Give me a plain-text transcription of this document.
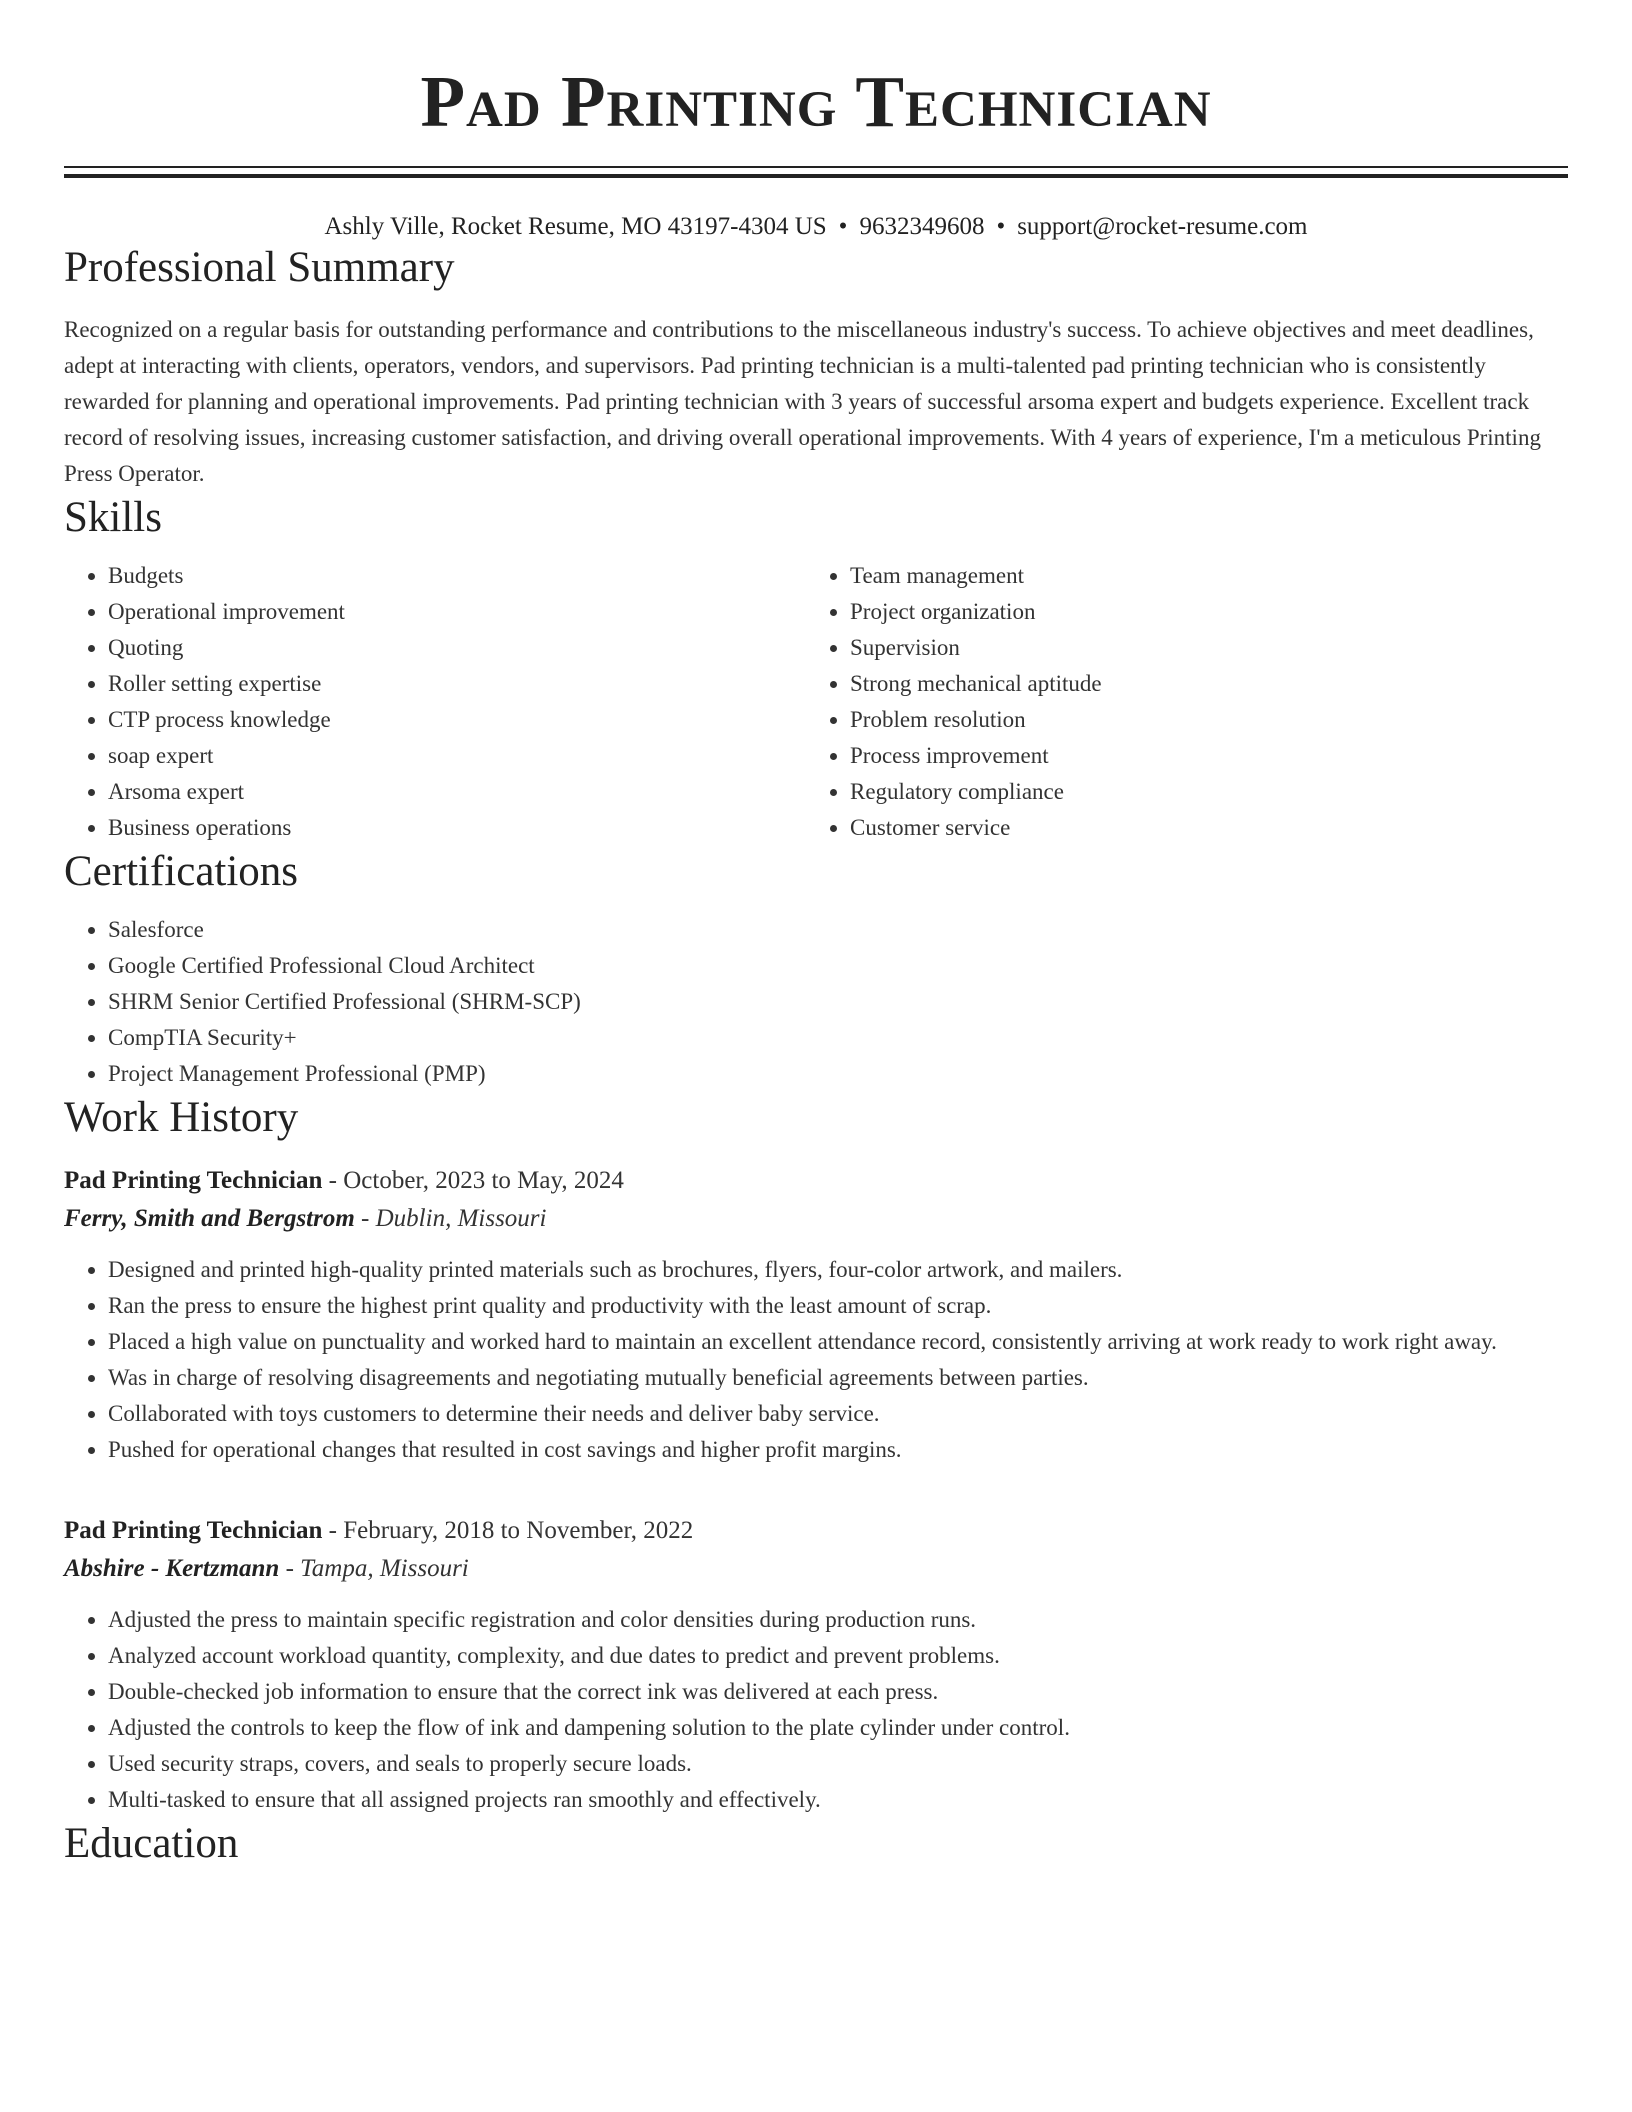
Pad Printing Technician
Ashly Ville, Rocket Resume, MO 43197-4304 US • 9632349608 • support@rocket-resume.com
Professional Summary

Recognized on a regular basis for outstanding performance and contributions to the miscellaneous industry's success. To achieve objectives and meet deadlines, adept at interacting with clients, operators, vendors, and supervisors. Pad printing technician is a multi-talented pad printing technician who is consistently rewarded for planning and operational improvements. Pad printing technician with 3 years of successful arsoma expert and budgets experience. Excellent track record of resolving issues, increasing customer satisfaction, and driving overall operational improvements. With 4 years of experience, I'm a meticulous Printing Press Operator.

Skills
• Budgets
• Operational improvement
• Quoting
• Roller setting expertise
• CTP process knowledge
• soap expert
• Arsoma expert
• Business operations
• Team management
• Project organization
• Supervision
• Strong mechanical aptitude
• Problem resolution
• Process improvement
• Regulatory compliance
• Customer service
Certifications
• Salesforce
• Google Certified Professional Cloud Architect
• SHRM Senior Certified Professional (SHRM-SCP)
• CompTIA Security+
• Project Management Professional (PMP)
Work History
Pad Printing Technician - October, 2023 to May, 2024
Ferry, Smith and Bergstrom - Dublin, Missouri
• Designed and printed high-quality printed materials such as brochures, flyers, four-color artwork, and mailers.
• Ran the press to ensure the highest print quality and productivity with the least amount of scrap.
• Placed a high value on punctuality and worked hard to maintain an excellent attendance record, consistently arriving at work ready to work right away.
• Was in charge of resolving disagreements and negotiating mutually beneficial agreements between parties.
• Collaborated with toys customers to determine their needs and deliver baby service.
• Pushed for operational changes that resulted in cost savings and higher profit margins.
Pad Printing Technician - February, 2018 to November, 2022
Abshire - Kertzmann - Tampa, Missouri
• Adjusted the press to maintain specific registration and color densities during production runs.
• Analyzed account workload quantity, complexity, and due dates to predict and prevent problems.
• Double-checked job information to ensure that the correct ink was delivered at each press.
• Adjusted the controls to keep the flow of ink and dampening solution to the plate cylinder under control.
• Used security straps, covers, and seals to properly secure loads.
• Multi-tasked to ensure that all assigned projects ran smoothly and effectively.
Education
